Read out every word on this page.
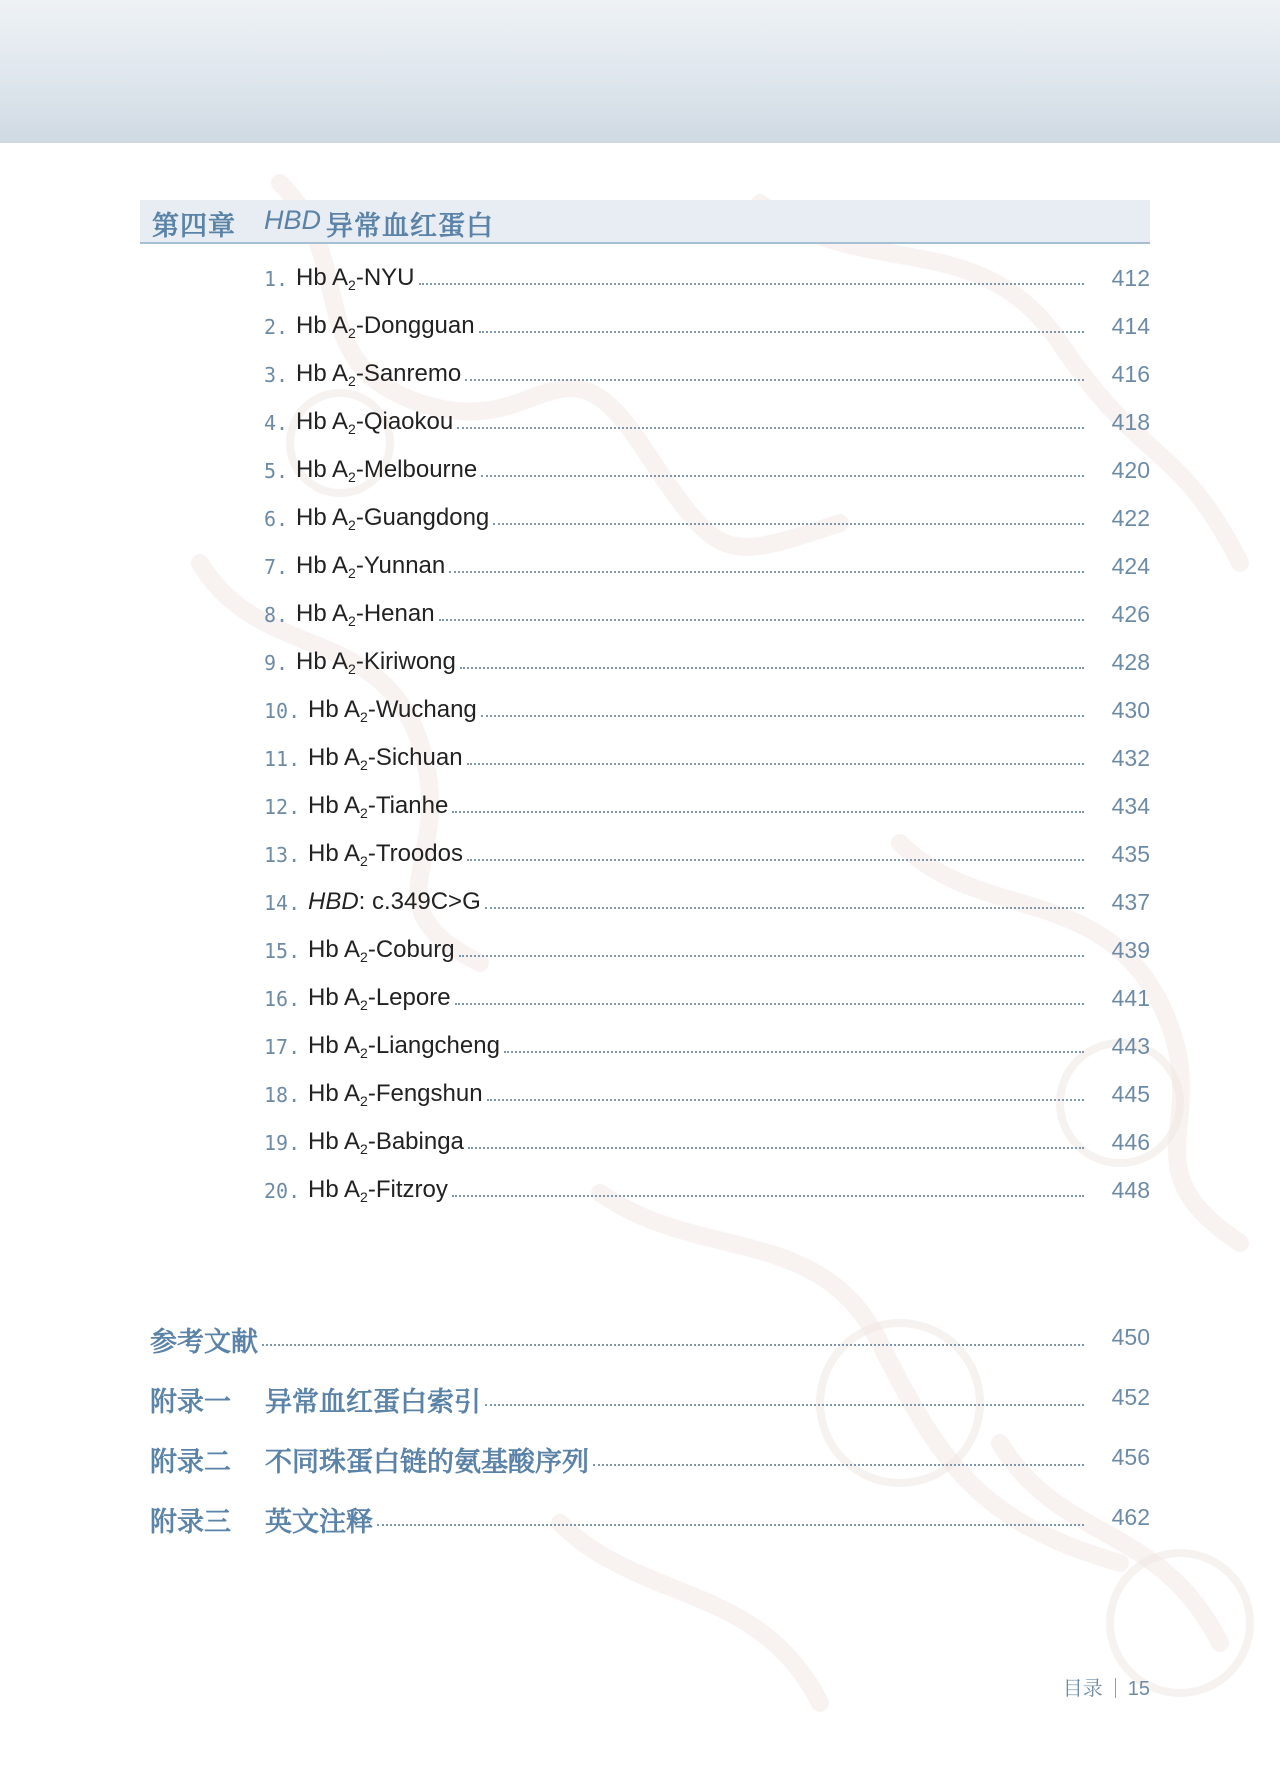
第四章 HBD 异常血红蛋白
1. Hb $A_2$-NYU	412
2. Hb $A_2$-Dongguan	414
3. Hb $A_2$-Sanremo	416
4. Hb $A_2$-Qiaokou	418
5. Hb $A_2$-Melbourne	420
6. Hb $A_2$-Guangdong	422
7. Hb $A_2$-Yunnan	424
8. Hb $A_2$-Henan	426
9. Hb $A_2$-Kiriwong	428
10. Hb $A_2$-Wuchang	430
11. Hb $A_2$-Sichuan	432
12. Hb $A_2$-Tianhe	434
13. Hb $A_2$-Troodos	435
14. HBD: c.349C>G	437
15. Hb $A_2$-Coburg	439
16. Hb $A_2$-Lepore	441
17. Hb $A_2$-Liangcheng	443
18. Hb $A_2$-Fengshun	445
19. Hb $A_2$-Babinga	446
20. Hb $A_2$-Fitzroy	448
参考文献	450
附录一 异常血红蛋白索引	452
附录二 不同珠蛋白链的氨基酸序列	456
附录三 英文注释	462
目录 15
